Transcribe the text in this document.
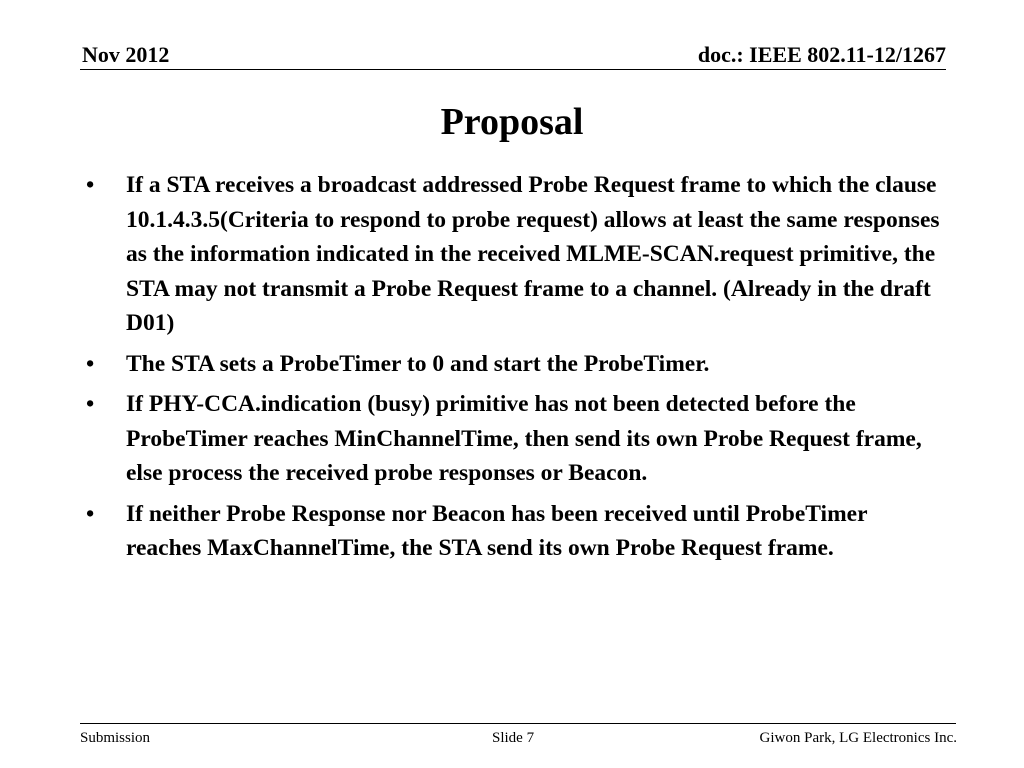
Nov 2012	doc.: IEEE 802.11-12/1267
Proposal
• If a STA receives a broadcast addressed Probe Request frame to which the clause 10.1.4.3.5(Criteria to respond to probe request) allows at least the same responses as the information indicated in the received MLME-SCAN.request primitive, the STA may not transmit a Probe Request frame to a channel. (Already in the draft D01)
• The STA sets a ProbeTimer to 0 and start the ProbeTimer.
• If PHY-CCA.indication (busy) primitive has not been detected before the ProbeTimer reaches MinChannelTime, then send its own Probe Request frame, else process the received probe responses or Beacon.
• If neither Probe Response nor Beacon has been received until ProbeTimer reaches MaxChannelTime, the STA send its own Probe Request frame.
Submission	Slide 7	Giwon Park, LG Electronics Inc.
